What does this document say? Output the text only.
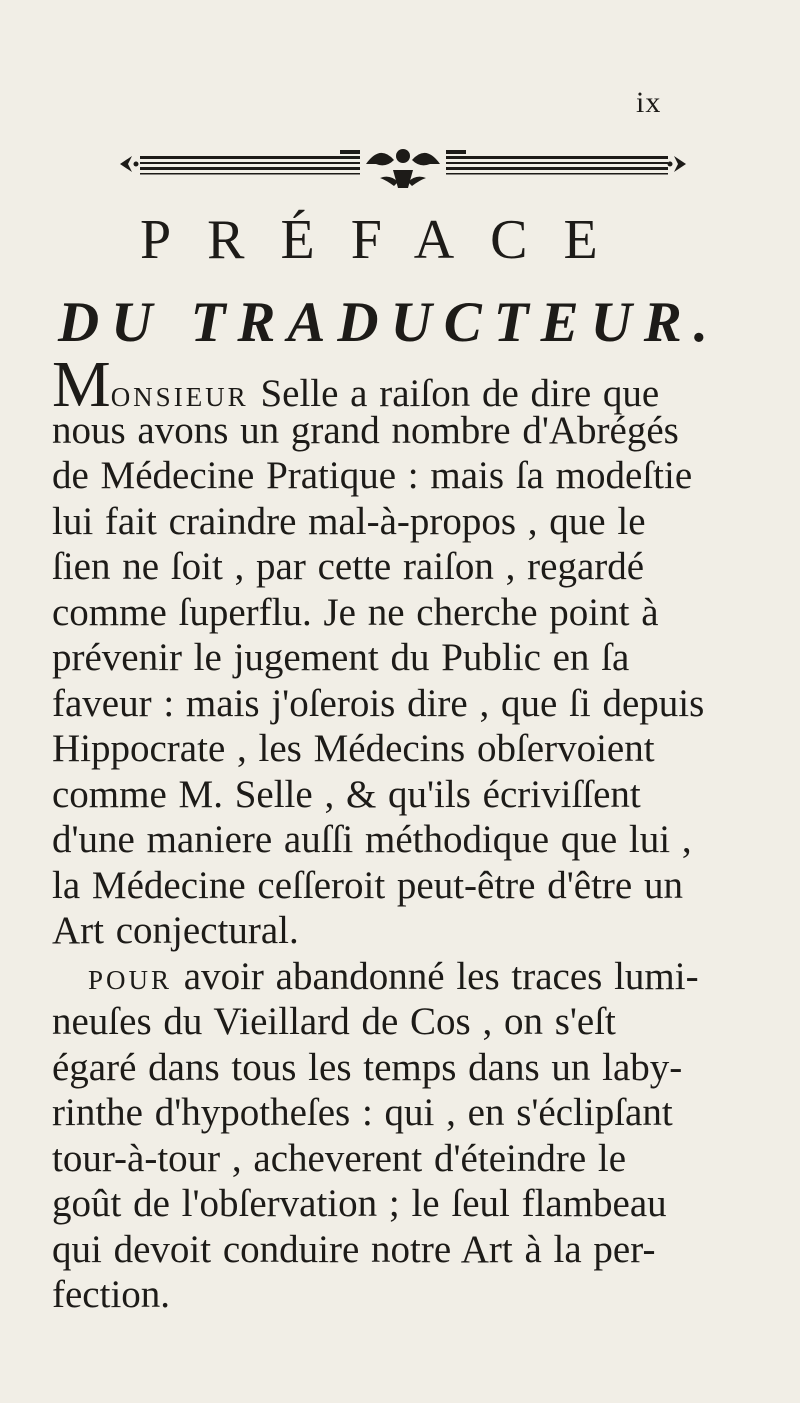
ix
PRÉFACE
DU TRADUCTEUR.
MONSIEUR Selle a raiſon de dire que
nous avons un grand nombre d'Abrégés
de Médecine Pratique : mais ſa modeſtie
lui fait craindre mal-à-propos , que le
ſien ne ſoit , par cette raiſon , regardé
comme ſuperflu. Je ne cherche point à
prévenir le jugement du Public en ſa
faveur : mais j'oſerois dire , que ſi depuis
Hippocrate , les Médecins obſervoient
comme M. Selle , & qu'ils écriviſſent
d'une maniere auſſi méthodique que lui ,
la Médecine ceſſeroit peut-être d'être un
Art conjectural.
POUR avoir abandonné les traces lumi-
neuſes du Vieillard de Cos , on s'eſt
égaré dans tous les temps dans un laby-
rinthe d'hypotheſes : qui , en s'éclipſant
tour-à-tour , acheverent d'éteindre le
goût de l'obſervation ; le ſeul flambeau
qui devoit conduire notre Art à la per-
fection.
